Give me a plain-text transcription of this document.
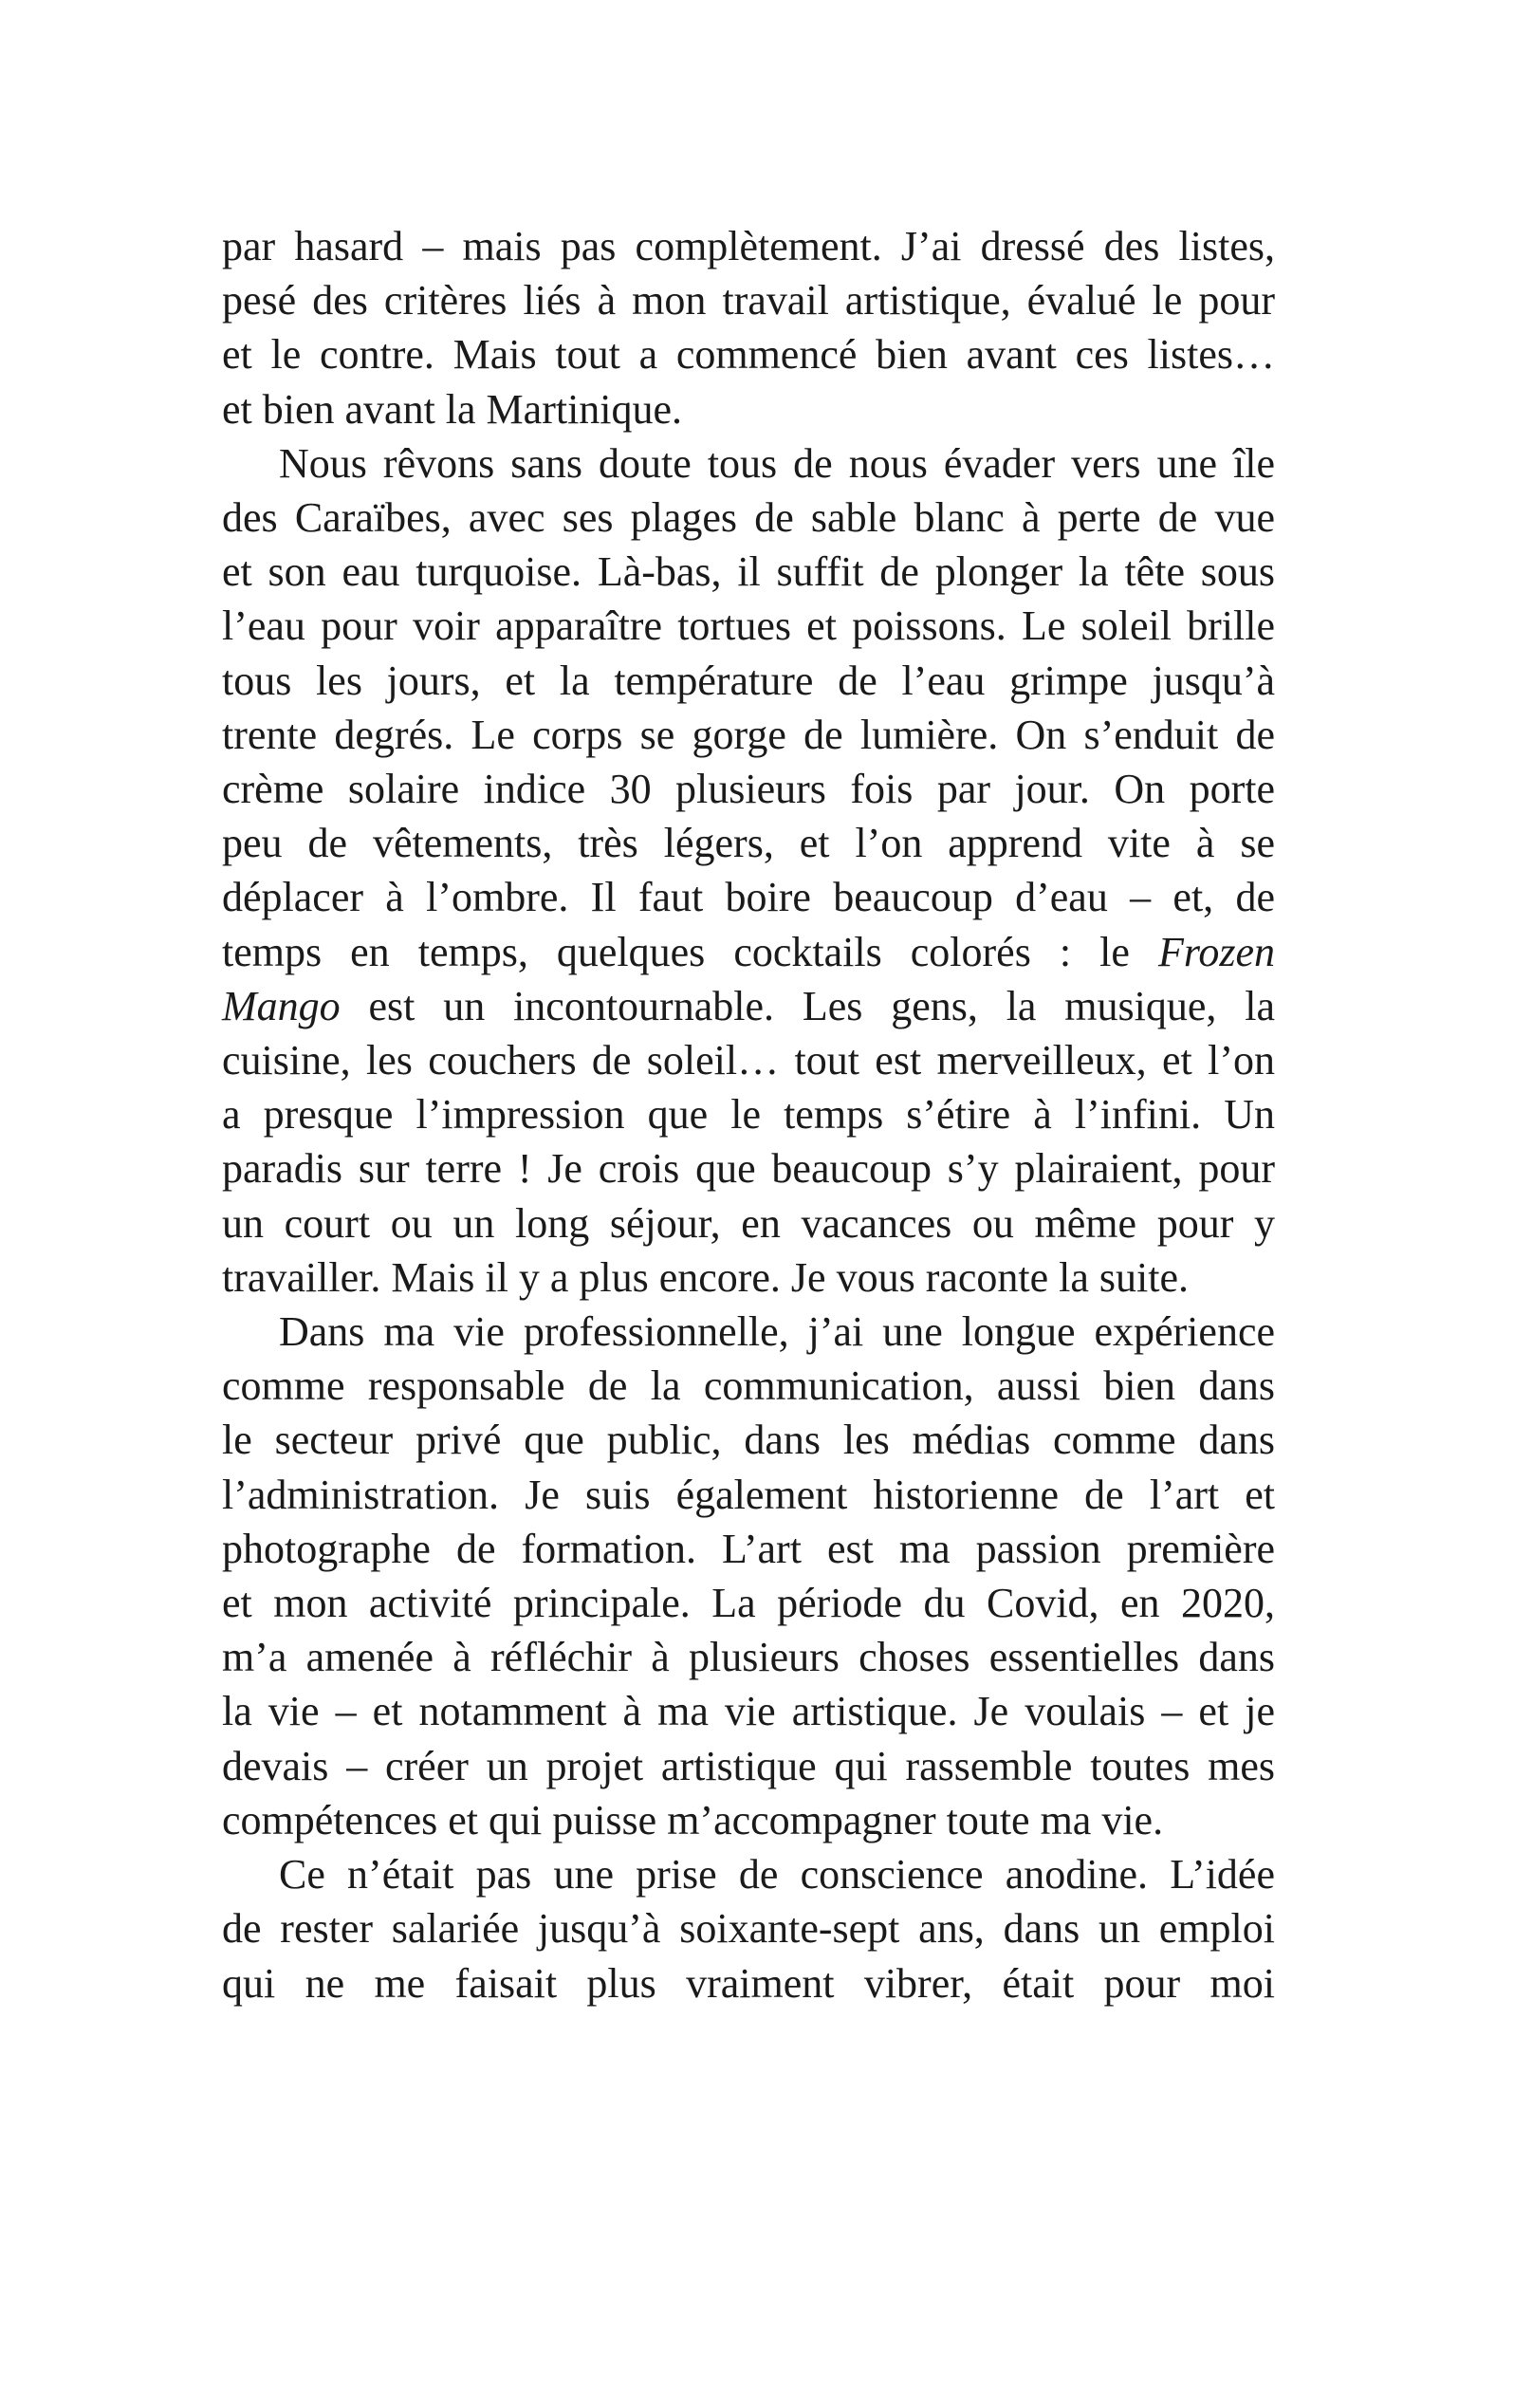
par hasard – mais pas complètement. J’ai dressé des listes,
pesé des critères liés à mon travail artistique, évalué le pour
et le contre. Mais tout a commencé bien avant ces listes…
et bien avant la Martinique.
Nous rêvons sans doute tous de nous évader vers une île
des Caraïbes, avec ses plages de sable blanc à perte de vue
et son eau turquoise. Là-bas, il suffit de plonger la tête sous
l’eau pour voir apparaître tortues et poissons. Le soleil brille
tous les jours, et la température de l’eau grimpe jusqu’à
trente degrés. Le corps se gorge de lumière. On s’enduit de
crème solaire indice 30 plusieurs fois par jour. On porte
peu de vêtements, très légers, et l’on apprend vite à se
déplacer à l’ombre. Il faut boire beaucoup d’eau – et, de
temps en temps, quelques cocktails colorés : le Frozen
Mango est un incontournable. Les gens, la musique, la
cuisine, les couchers de soleil… tout est merveilleux, et l’on
a presque l’impression que le temps s’étire à l’infini. Un
paradis sur terre ! Je crois que beaucoup s’y plairaient, pour
un court ou un long séjour, en vacances ou même pour y
travailler. Mais il y a plus encore. Je vous raconte la suite.
Dans ma vie professionnelle, j’ai une longue expérience
comme responsable de la communication, aussi bien dans
le secteur privé que public, dans les médias comme dans
l’administration. Je suis également historienne de l’art et
photographe de formation. L’art est ma passion première
et mon activité principale. La période du Covid, en 2020,
m’a amenée à réfléchir à plusieurs choses essentielles dans
la vie – et notamment à ma vie artistique. Je voulais – et je
devais – créer un projet artistique qui rassemble toutes mes
compétences et qui puisse m’accompagner toute ma vie.
Ce n’était pas une prise de conscience anodine. L’idée
de rester salariée jusqu’à soixante-sept ans, dans un emploi
qui ne me faisait plus vraiment vibrer, était pour moi
